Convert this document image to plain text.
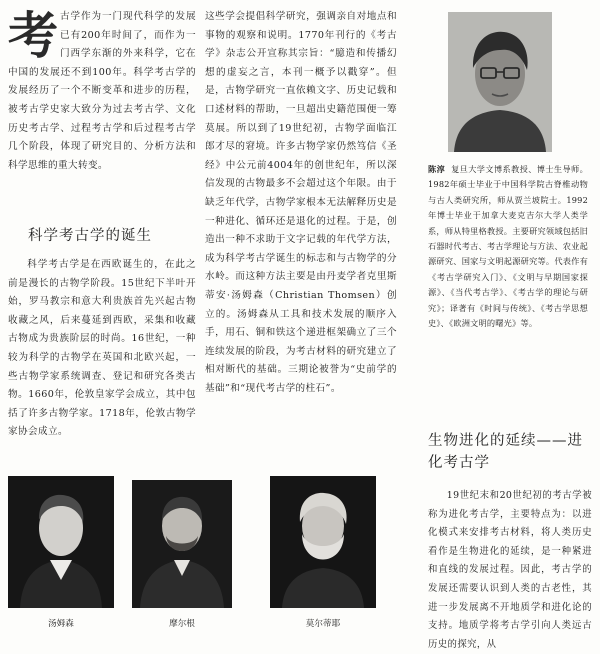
考 古学作为一门现代科学的发展已有200年时间了，而作为一门西学东渐的外来科学，它在中国的发展还不到100年。科学考古学的发展经历了一个不断变革和进步的历程，被考古学史家大致分为过去考古学、文化历史考古学、过程考古学和后过程考古学几个阶段，体现了研究目的、分析方法和科学思维的重大转变。
科学考古学的诞生
科学考古学是在西欧诞生的，在此之前是漫长的古物学阶段。15世纪下半叶开始，罗马教宗和意大利贵族首先兴起古物收藏之风，后来蔓延到西欧，采集和收藏古物成为贵族阶层的时尚。16世纪，一种较为科学的古物学在英国和北欧兴起，一些古物学家系统调查、登记和研究各类古物。1660年，伦敦皇家学会成立，其中包括了许多古物学家。1718年，伦敦古物学家协会成立。
这些学会提倡科学研究，强调亲自对地点和事物的观察和说明。1770年刊行的《考古学》杂志公开宣称其宗旨：“臆造和传播幻想的虚妄之言，本刊一概予以戳穿”。但是，古物学研究一直依赖文字、历史记载和口述材料的帮助，一旦超出史籍范围便一筹莫展。所以到了19世纪初，古物学面临江郎才尽的窘境。许多古物学家仍然笃信《圣经》中公元前4004年的创世纪年，所以深信发现的古物最多不会超过这个年限。由于缺乏年代学，古物学家根本无法解释历史是一种进化、循环还是退化的过程。于是，创造出一种不求助于文字记载的年代学方法，成为科学考古学诞生的标志和与古物学的分水岭。而这种方法主要是由丹麦学者克里斯蒂安·汤姆森（Christian Thomsen）创立的。汤姆森从工具和技术发展的顺序入手，用石、铜和铁这个递进框架确立了三个连续发展的阶段，为考古材料的研究建立了相对断代的基础。三期论被誉为“史前学的基础”和“现代考古学的柱石”。
陈淳 复旦大学文博系教授、博士生导师。1982年硕士毕业于中国科学院古脊椎动物与古人类研究所，师从贾兰坡院士。1992年博士毕业于加拿大麦克吉尔大学人类学系，师从特里格教授。主要研究领域包括旧石器时代考古、考古学理论与方法、农业起源研究、国家与文明起源研究等。代表作有《考古学研究入门》、《文明与早期国家探源》、《当代考古学》、《考古学的理论与研究》；译著有《时间与传统》、《考古学思想史》、《欧洲文明的曙光》等。
生物进化的延续——进化考古学
19世纪末和20世纪初的考古学被称为进化考古学，主要特点为：以进化模式来安排考古材料，将人类历史看作是生物进化的延续，是一种紧进和直线的发展过程。因此，考古学的发展还需要认识到人类的古老性，其进一步发展离不开地质学和进化论的支持。地质学将考古学引向人类远古历史的探究，从
汤姆森	摩尔根	莫尔蒂耶
